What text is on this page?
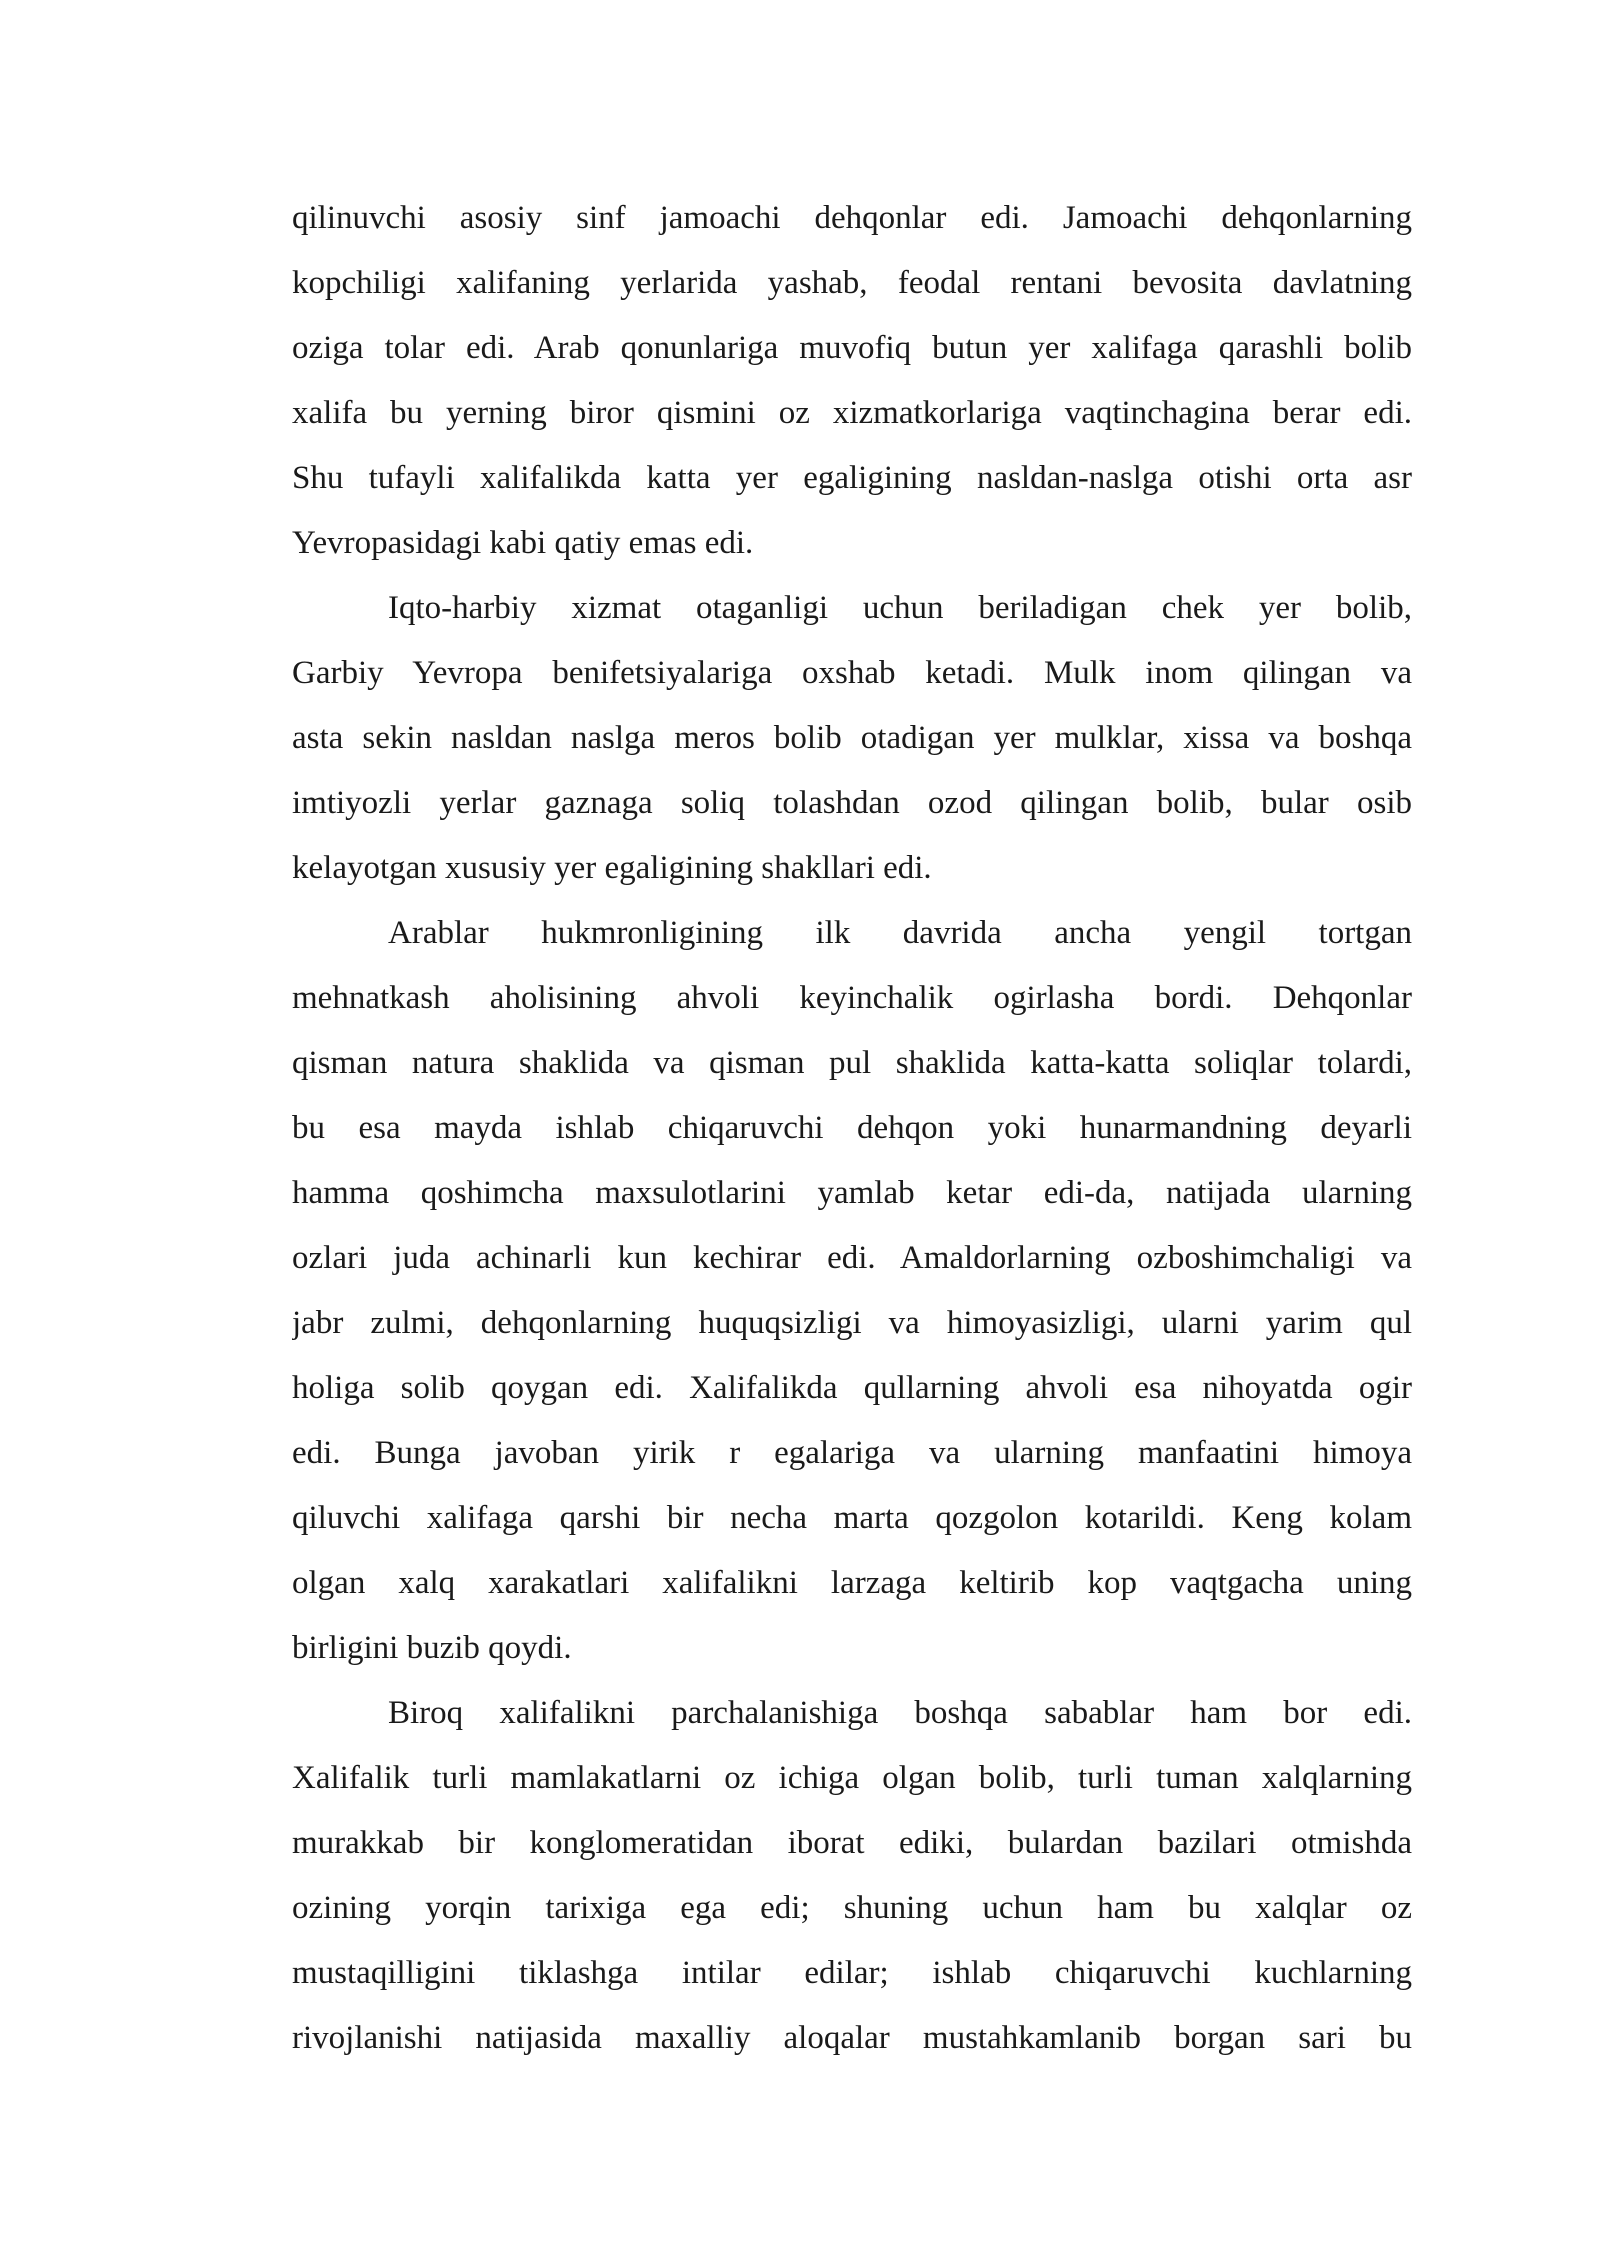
qilinuvchi asosiy sinf jamoachi dehqonlar edi. Jamoachi dehqonlarning
kopchiligi xalifaning yerlarida yashab, feodal rentani bevosita davlatning
oziga tolar edi. Arab qonunlariga muvofiq butun yer xalifaga qarashli bolib
xalifa bu yerning biror qismini oz xizmatkorlariga vaqtinchagina berar edi.
Shu tufayli xalifalikda katta yer egaligining nasldan-naslga otishi orta asr
Yevropasidagi kabi qatiy emas edi.
Iqto-harbiy xizmat otaganligi uchun beriladigan chek yer bolib,
Garbiy Yevropa benifetsiyalariga oxshab ketadi. Mulk inom qilingan va
asta sekin nasldan naslga meros bolib otadigan yer mulklar, xissa va boshqa
imtiyozli yerlar gaznaga soliq tolashdan ozod qilingan bolib, bular osib
kelayotgan xususiy yer egaligining shakllari edi.
Arablar hukmronligining ilk davrida ancha yengil tortgan
mehnatkash aholisining ahvoli keyinchalik ogirlasha bordi. Dehqonlar
qisman natura shaklida va qisman pul shaklida katta-katta soliqlar tolardi,
bu esa mayda ishlab chiqaruvchi dehqon yoki hunarmandning deyarli
hamma qoshimcha maxsulotlarini yamlab ketar edi-da, natijada ularning
ozlari juda achinarli kun kechirar edi. Amaldorlarning ozboshimchaligi va
jabr zulmi, dehqonlarning huquqsizligi va himoyasizligi, ularni yarim qul
holiga solib qoygan edi. Xalifalikda qullarning ahvoli esa nihoyatda ogir
edi. Bunga javoban yirik r egalariga va ularning manfaatini himoya
qiluvchi xalifaga qarshi bir necha marta qozgolon kotarildi. Keng kolam
olgan xalq xarakatlari xalifalikni larzaga keltirib kop vaqtgacha uning
birligini buzib qoydi.
Biroq xalifalikni parchalanishiga boshqa sabablar ham bor edi.
Xalifalik turli mamlakatlarni oz ichiga olgan bolib, turli tuman xalqlarning
murakkab bir konglomeratidan iborat ediki, bulardan bazilari otmishda
ozining yorqin tarixiga ega edi; shuning uchun ham bu xalqlar oz
mustaqilligini tiklashga intilar edilar; ishlab chiqaruvchi kuchlarning
rivojlanishi natijasida maxalliy aloqalar mustahkamlanib borgan sari bu
